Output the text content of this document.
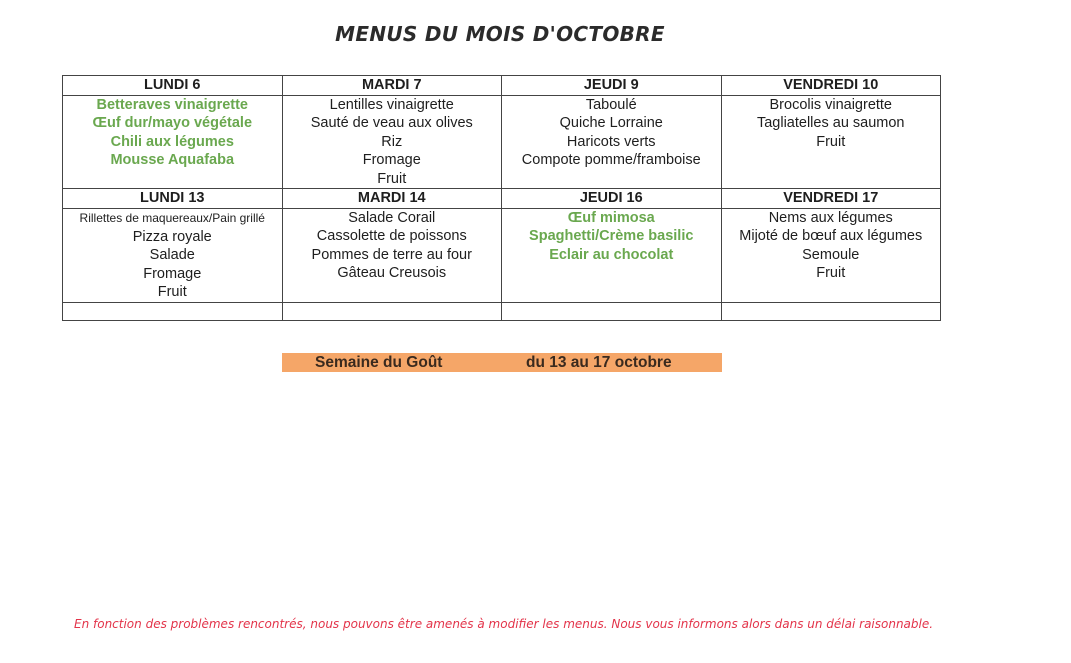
MENUS DU MOIS D'OCTOBRE
LUNDI 6	MARDI 7	JEUDI 9	VENDREDI 10

Betteraves vinaigrette
Œuf dur/mayo végétale
Chili aux légumes
Mousse Aquafaba	Lentilles vinaigrette
Sauté de veau aux olives
Riz
Fromage
Fruit	Taboulé
Quiche Lorraine
Haricots verts
Compote pomme/framboise	Brocolis vinaigrette
Tagliatelles au saumon
Fruit

LUNDI 13	MARDI 14	JEUDI 16	VENDREDI 17

Rillettes de maquereaux/Pain grillé
Pizza royale
Salade
Fromage
Fruit	Salade Corail
Cassolette de poissons
Pommes de terre au four
Gâteau Creusois	Œuf mimosa
Spaghetti/Crème basilic
Eclair au chocolat	Nems aux légumes
Mijoté de bœuf aux légumes
Semoule
Fruit

Semaine du Goût	du 13 au 17 octobre
En fonction des problèmes rencontrés, nous pouvons être amenés à modifier les menus. Nous vous informons alors dans un délai raisonnable.
